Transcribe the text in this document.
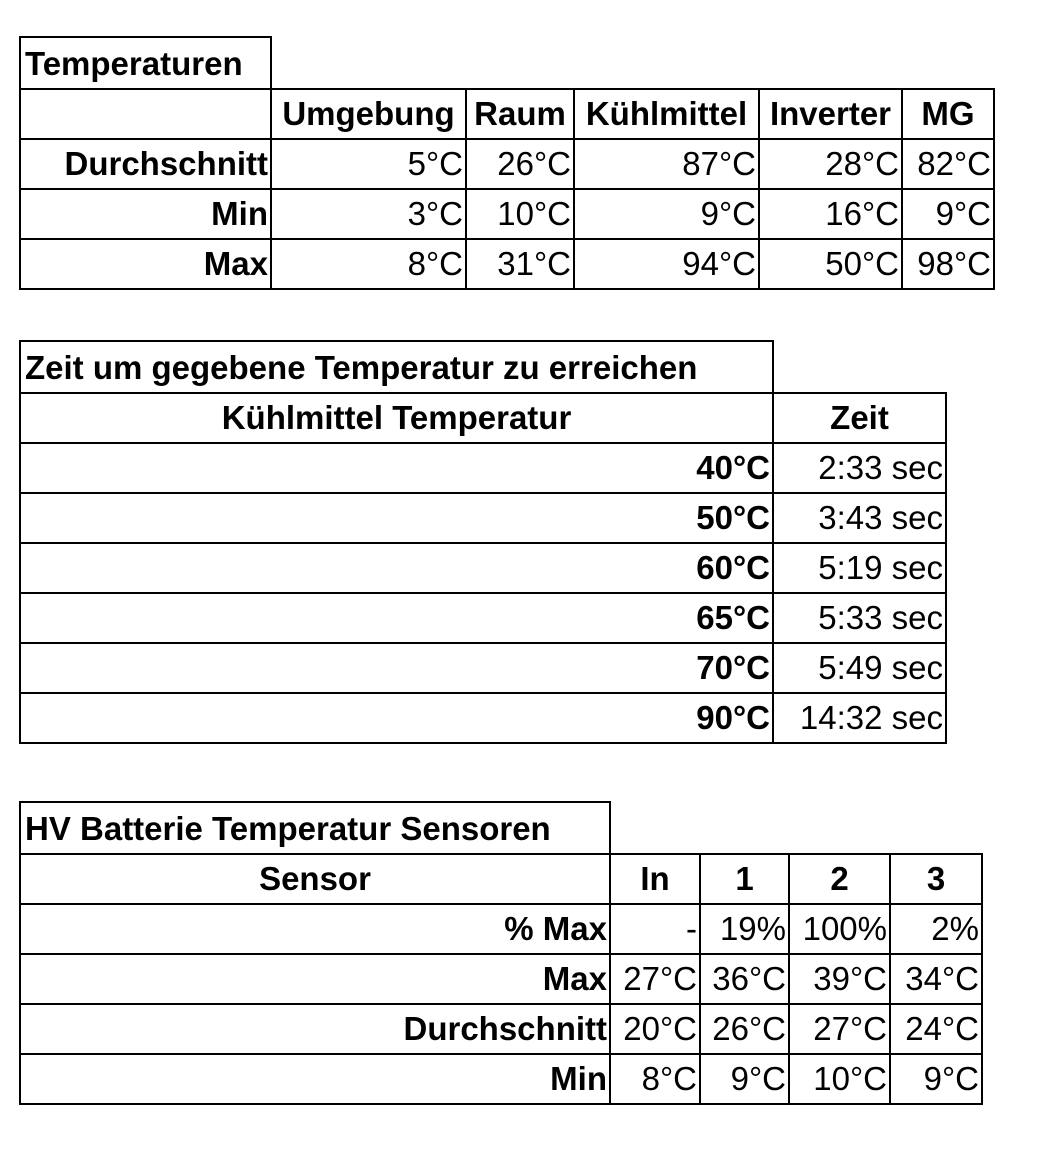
Temperaturen
	Umgebung	Raum	Kühlmittel	Inverter	MG
Durchschnitt	5°C	26°C	87°C	28°C	82°C
Min	3°C	10°C	9°C	16°C	9°C
Max	8°C	31°C	94°C	50°C	98°C
Zeit um gegebene Temperatur zu erreichen
Kühlmittel Temperatur	Zeit
40°C	2:33 sec
50°C	3:43 sec
60°C	5:19 sec
65°C	5:33 sec
70°C	5:49 sec
90°C	14:32 sec
HV Batterie Temperatur Sensoren
Sensor	In	1	2	3
% Max	-	19%	100%	2%
Max	27°C	36°C	39°C	34°C
Durchschnitt	20°C	26°C	27°C	24°C
Min	8°C	9°C	10°C	9°C
